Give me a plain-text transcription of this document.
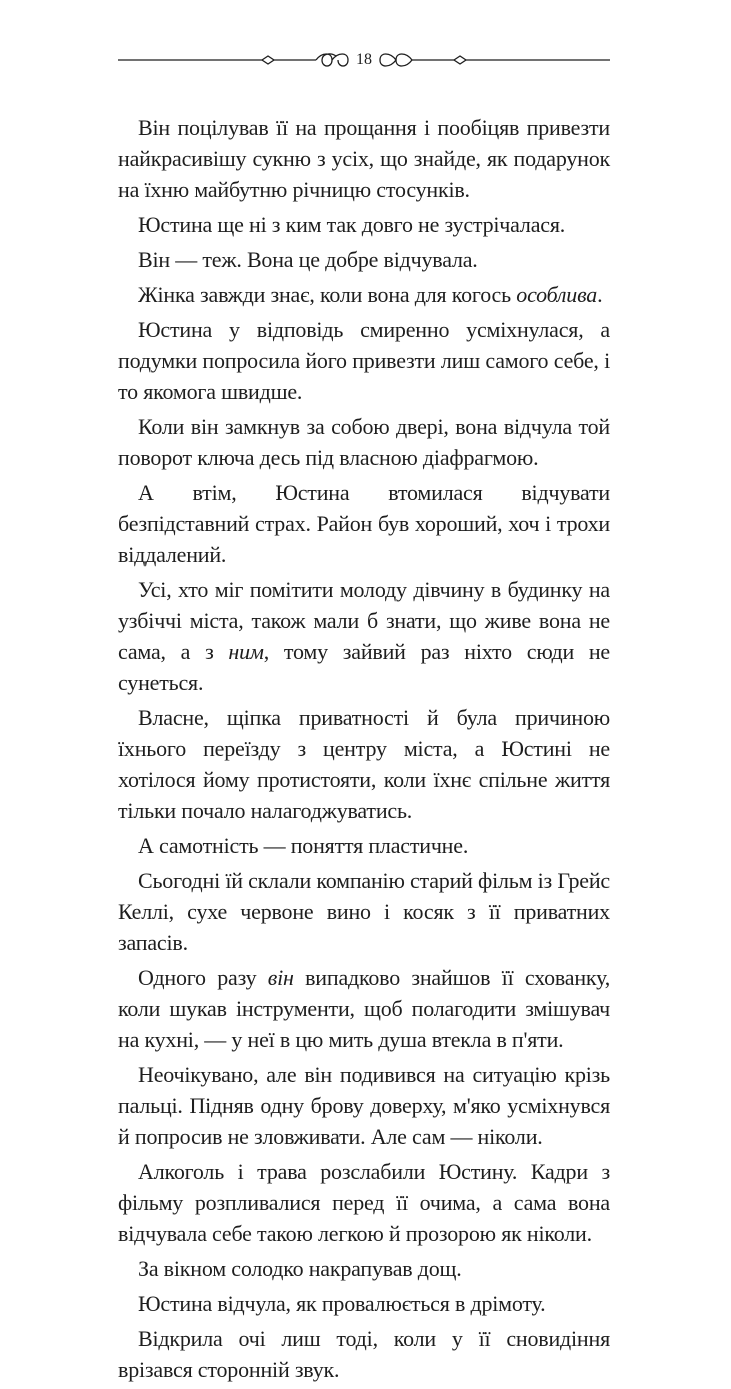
18

Він поцілував її на прощання і пообіцяв привезти найкрасивішу сукню з усіх, що знайде, як подарунок на їхню майбутню річницю стосунків.

Юстина ще ні з ким так довго не зустрічалася.

Він — теж. Вона це добре відчувала.

Жінка завжди знає, коли вона для когось особлива.

Юстина у відповідь смиренно усміхнулася, а подумки попросила його привезти лиш самого себе, і то якомога швидше.

Коли він замкнув за собою двері, вона відчула той поворот ключа десь під власною діафрагмою.

А втім, Юстина втомилася відчувати безпідставний страх. Район був хороший, хоч і трохи віддалений.

Усі, хто міг помітити молоду дівчину в будинку на узбіччі міста, також мали б знати, що живе вона не сама, а з ним, тому зайвий раз ніхто сюди не сунеться.

Власне, щіпка приватності й була причиною їхнього переїзду з центру міста, а Юстині не хотілося йому протистояти, коли їхнє спільне життя тільки почало налагоджуватись.

А самотність — поняття пластичне.

Сьогодні їй склали компанію старий фільм із Грейс Келлі, сухе червоне вино і косяк з її приватних запасів.

Одного разу він випадково знайшов її схованку, коли шукав інструменти, щоб полагодити змішувач на кухні, — у неї в цю мить душа втекла в п'яти.

Неочікувано, але він подивився на ситуацію крізь пальці. Підняв одну брову доверху, м'яко усміхнувся й попросив не зловживати. Але сам — ніколи.

Алкоголь і трава розслабили Юстину. Кадри з фільму розпливалися перед її очима, а сама вона відчувала себе такою легкою й прозорою як ніколи.

За вікном солодко накрапував дощ.

Юстина відчула, як провалюється в дрімоту.

Відкрила очі лиш тоді, коли у її сновидіння врізався сторонній звук.
